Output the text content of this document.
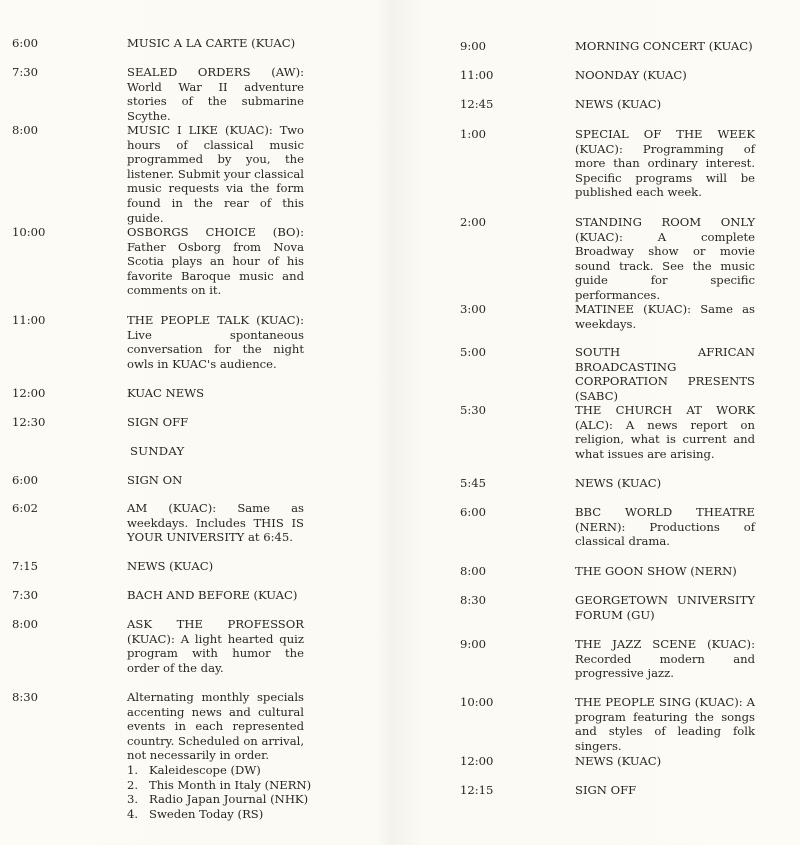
6:00	MUSIC A LA CARTE (KUAC)
7:30	SEALED ORDERS (AW): World War II adventure stories of the submarine Scythe.
8:00	MUSIC I LIKE (KUAC): Two hours of classical music programmed by you, the listener. Submit your classical music requests via the form found in the rear of this guide.
10:00	OSBORGS CHOICE (BO): Father Osborg from Nova Scotia plays an hour of his favorite Baroque music and comments on it.
11:00	THE PEOPLE TALK (KUAC): Live spontaneous conversation for the night owls in KUAC's audience.
12:00	KUAC NEWS
12:30	SIGN OFF
SUNDAY
6:00	SIGN ON
6:02	AM (KUAC): Same as weekdays. Includes THIS IS YOUR UNIVERSITY at 6:45.
7:15	NEWS (KUAC)
7:30	BACH AND BEFORE (KUAC)
8:00	ASK THE PROFESSOR (KUAC): A light hearted quiz program with humor the order of the day.
8:30	Alternating monthly specials accenting news and cultural events in each represented country. Scheduled on arrival, not necessarily in order.
1. Kaleidescope (DW)
2. This Month in Italy (NERN)
3. Radio Japan Journal (NHK)
4. Sweden Today (RS)
9:00	MORNING CONCERT (KUAC)
11:00	NOONDAY (KUAC)
12:45	NEWS (KUAC)
1:00	SPECIAL OF THE WEEK (KUAC): Programming of more than ordinary interest. Specific programs will be published each week.
2:00	STANDING ROOM ONLY (KUAC): A complete Broadway show or movie sound track. See the music guide for specific performances.
3:00	MATINEE (KUAC): Same as weekdays.
5:00	SOUTH AFRICAN BROADCASTING CORPORATION PRESENTS (SABC)
5:30	THE CHURCH AT WORK (ALC): A news report on religion, what is current and what issues are arising.
5:45	NEWS (KUAC)
6:00	BBC WORLD THEATRE (NERN): Productions of classical drama.
8:00	THE GOON SHOW (NERN)
8:30	GEORGETOWN UNIVERSITY FORUM (GU)
9:00	THE JAZZ SCENE (KUAC): Recorded modern and progressive jazz.
10:00	THE PEOPLE SING (KUAC): A program featuring the songs and styles of leading folk singers.
12:00	NEWS (KUAC)
12:15	SIGN OFF
